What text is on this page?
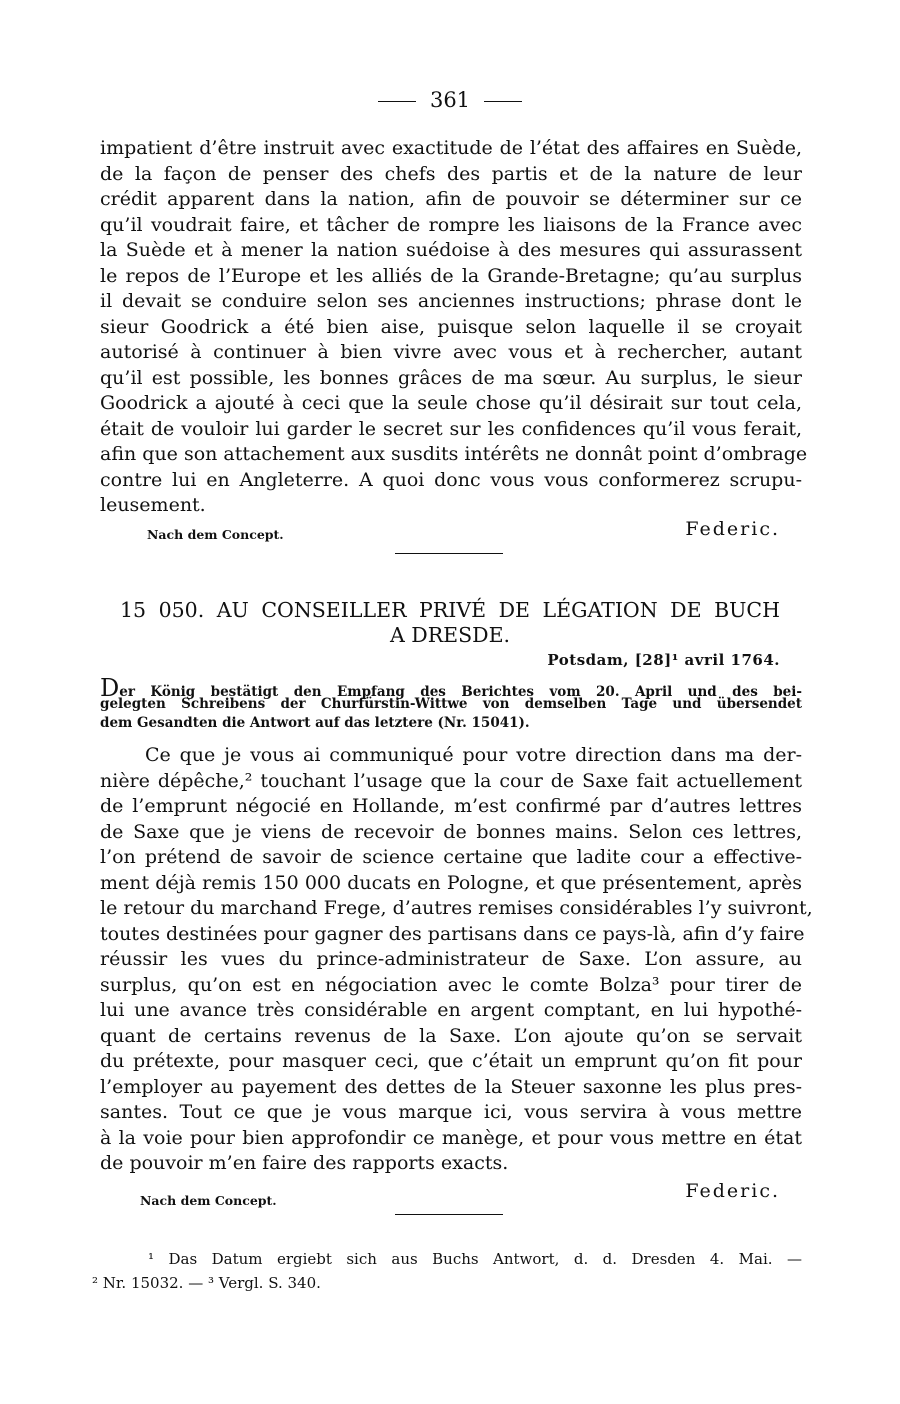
361
impatient d’être instruit avec exactitude de l’état des affaires en Suède,
de la façon de penser des chefs des partis et de la nature de leur
crédit apparent dans la nation, afin de pouvoir se déterminer sur ce
qu’il voudrait faire, et tâcher de rompre les liaisons de la France avec
la Suède et à mener la nation suédoise à des mesures qui assurassent
le repos de l’Europe et les alliés de la Grande-Bretagne; qu’au surplus
il devait se conduire selon ses anciennes instructions; phrase dont le
sieur Goodrick a été bien aise, puisque selon laquelle il se croyait
autorisé à continuer à bien vivre avec vous et à rechercher, autant
qu’il est possible, les bonnes grâces de ma sœur. Au surplus, le sieur
Goodrick a ajouté à ceci que la seule chose qu’il désirait sur tout cela,
était de vouloir lui garder le secret sur les confidences qu’il vous ferait,
afin que son attachement aux susdits intérêts ne donnât point d’ombrage
contre lui en Angleterre. A quoi donc vous vous conformerez scrupu-
leusement.
Nach dem Concept.	Federic.
15 050. AU CONSEILLER PRIVÉ DE LÉGATION DE BUCH
A DRESDE.
Potsdam, [28]¹ avril 1764.
Der König bestätigt den Empfang des Berichtes vom 20. April und des bei-
gelegten Schreibens der Churfürstin-Wittwe von demselben Tage und übersendet
dem Gesandten die Antwort auf das letztere (Nr. 15041).
Ce que je vous ai communiqué pour votre direction dans ma der-
nière dépêche,² touchant l’usage que la cour de Saxe fait actuellement
de l’emprunt négocié en Hollande, m’est confirmé par d’autres lettres
de Saxe que je viens de recevoir de bonnes mains. Selon ces lettres,
l’on prétend de savoir de science certaine que ladite cour a effective-
ment déjà remis 150 000 ducats en Pologne, et que présentement, après
le retour du marchand Frege, d’autres remises considérables l’y suivront,
toutes destinées pour gagner des partisans dans ce pays-là, afin d’y faire
réussir les vues du prince-administrateur de Saxe. L’on assure, au
surplus, qu’on est en négociation avec le comte Bolza³ pour tirer de
lui une avance très considérable en argent comptant, en lui hypothé-
quant de certains revenus de la Saxe. L’on ajoute qu’on se servait
du prétexte, pour masquer ceci, que c’était un emprunt qu’on fit pour
l’employer au payement des dettes de la Steuer saxonne les plus pres-
santes. Tout ce que je vous marque ici, vous servira à vous mettre
à la voie pour bien approfondir ce manège, et pour vous mettre en état
de pouvoir m’en faire des rapports exacts.
Nach dem Concept.	Federic.
¹ Das Datum ergiebt sich aus Buchs Antwort, d. d. Dresden 4. Mai. —
² Nr. 15032. — ³ Vergl. S. 340.
